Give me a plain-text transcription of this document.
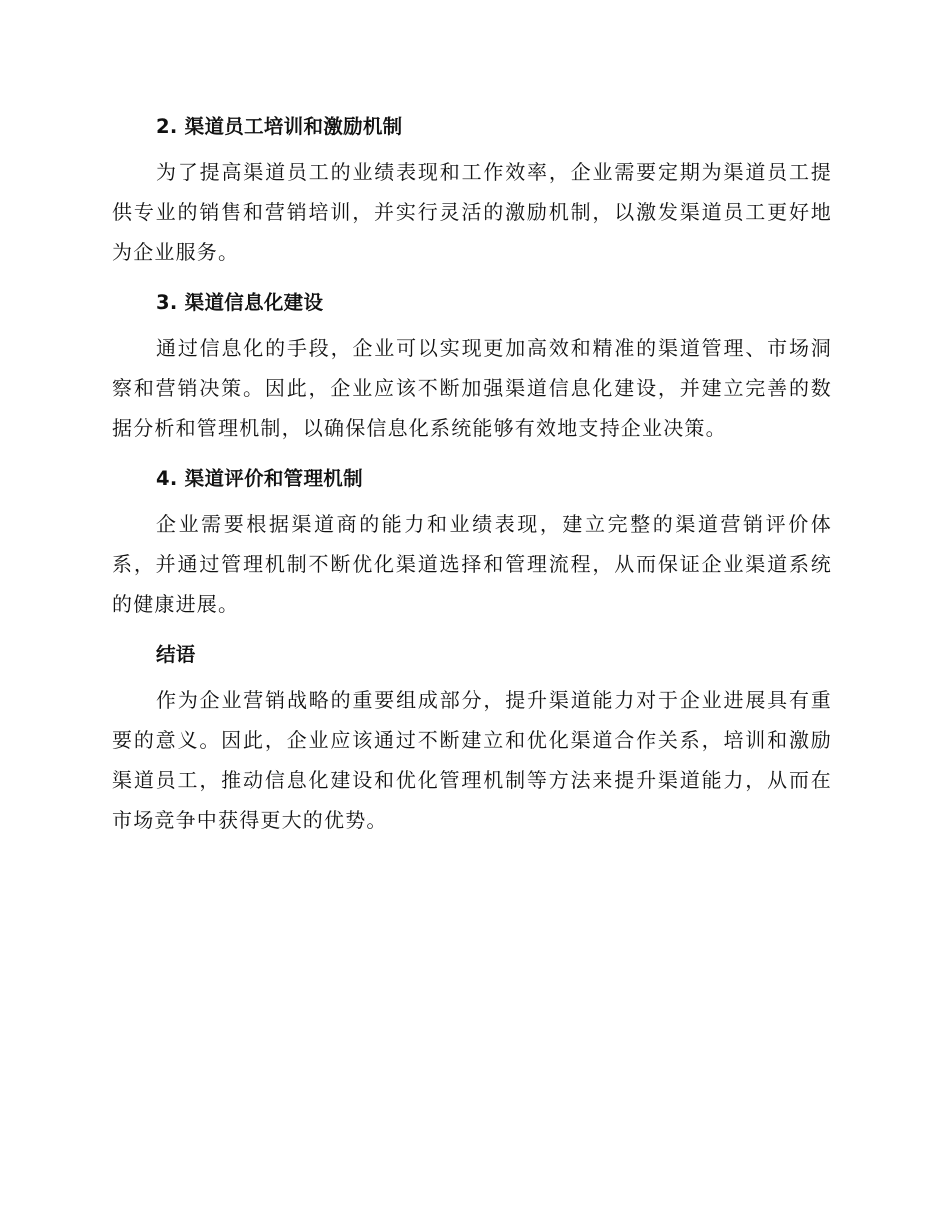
2. 渠道员工培训和激励机制

为了提高渠道员工的业绩表现和工作效率，企业需要定期为渠道员工提供专业的销售和营销培训，并实行灵活的激励机制，以激发渠道员工更好地为企业服务。

3. 渠道信息化建设

通过信息化的手段，企业可以实现更加高效和精准的渠道管理、市场洞察和营销决策。因此，企业应该不断加强渠道信息化建设，并建立完善的数据分析和管理机制，以确保信息化系统能够有效地支持企业决策。

4. 渠道评价和管理机制

企业需要根据渠道商的能力和业绩表现，建立完整的渠道营销评价体系，并通过管理机制不断优化渠道选择和管理流程，从而保证企业渠道系统的健康进展。

结语

作为企业营销战略的重要组成部分，提升渠道能力对于企业进展具有重要的意义。因此，企业应该通过不断建立和优化渠道合作关系，培训和激励渠道员工，推动信息化建设和优化管理机制等方法来提升渠道能力，从而在市场竞争中获得更大的优势。
